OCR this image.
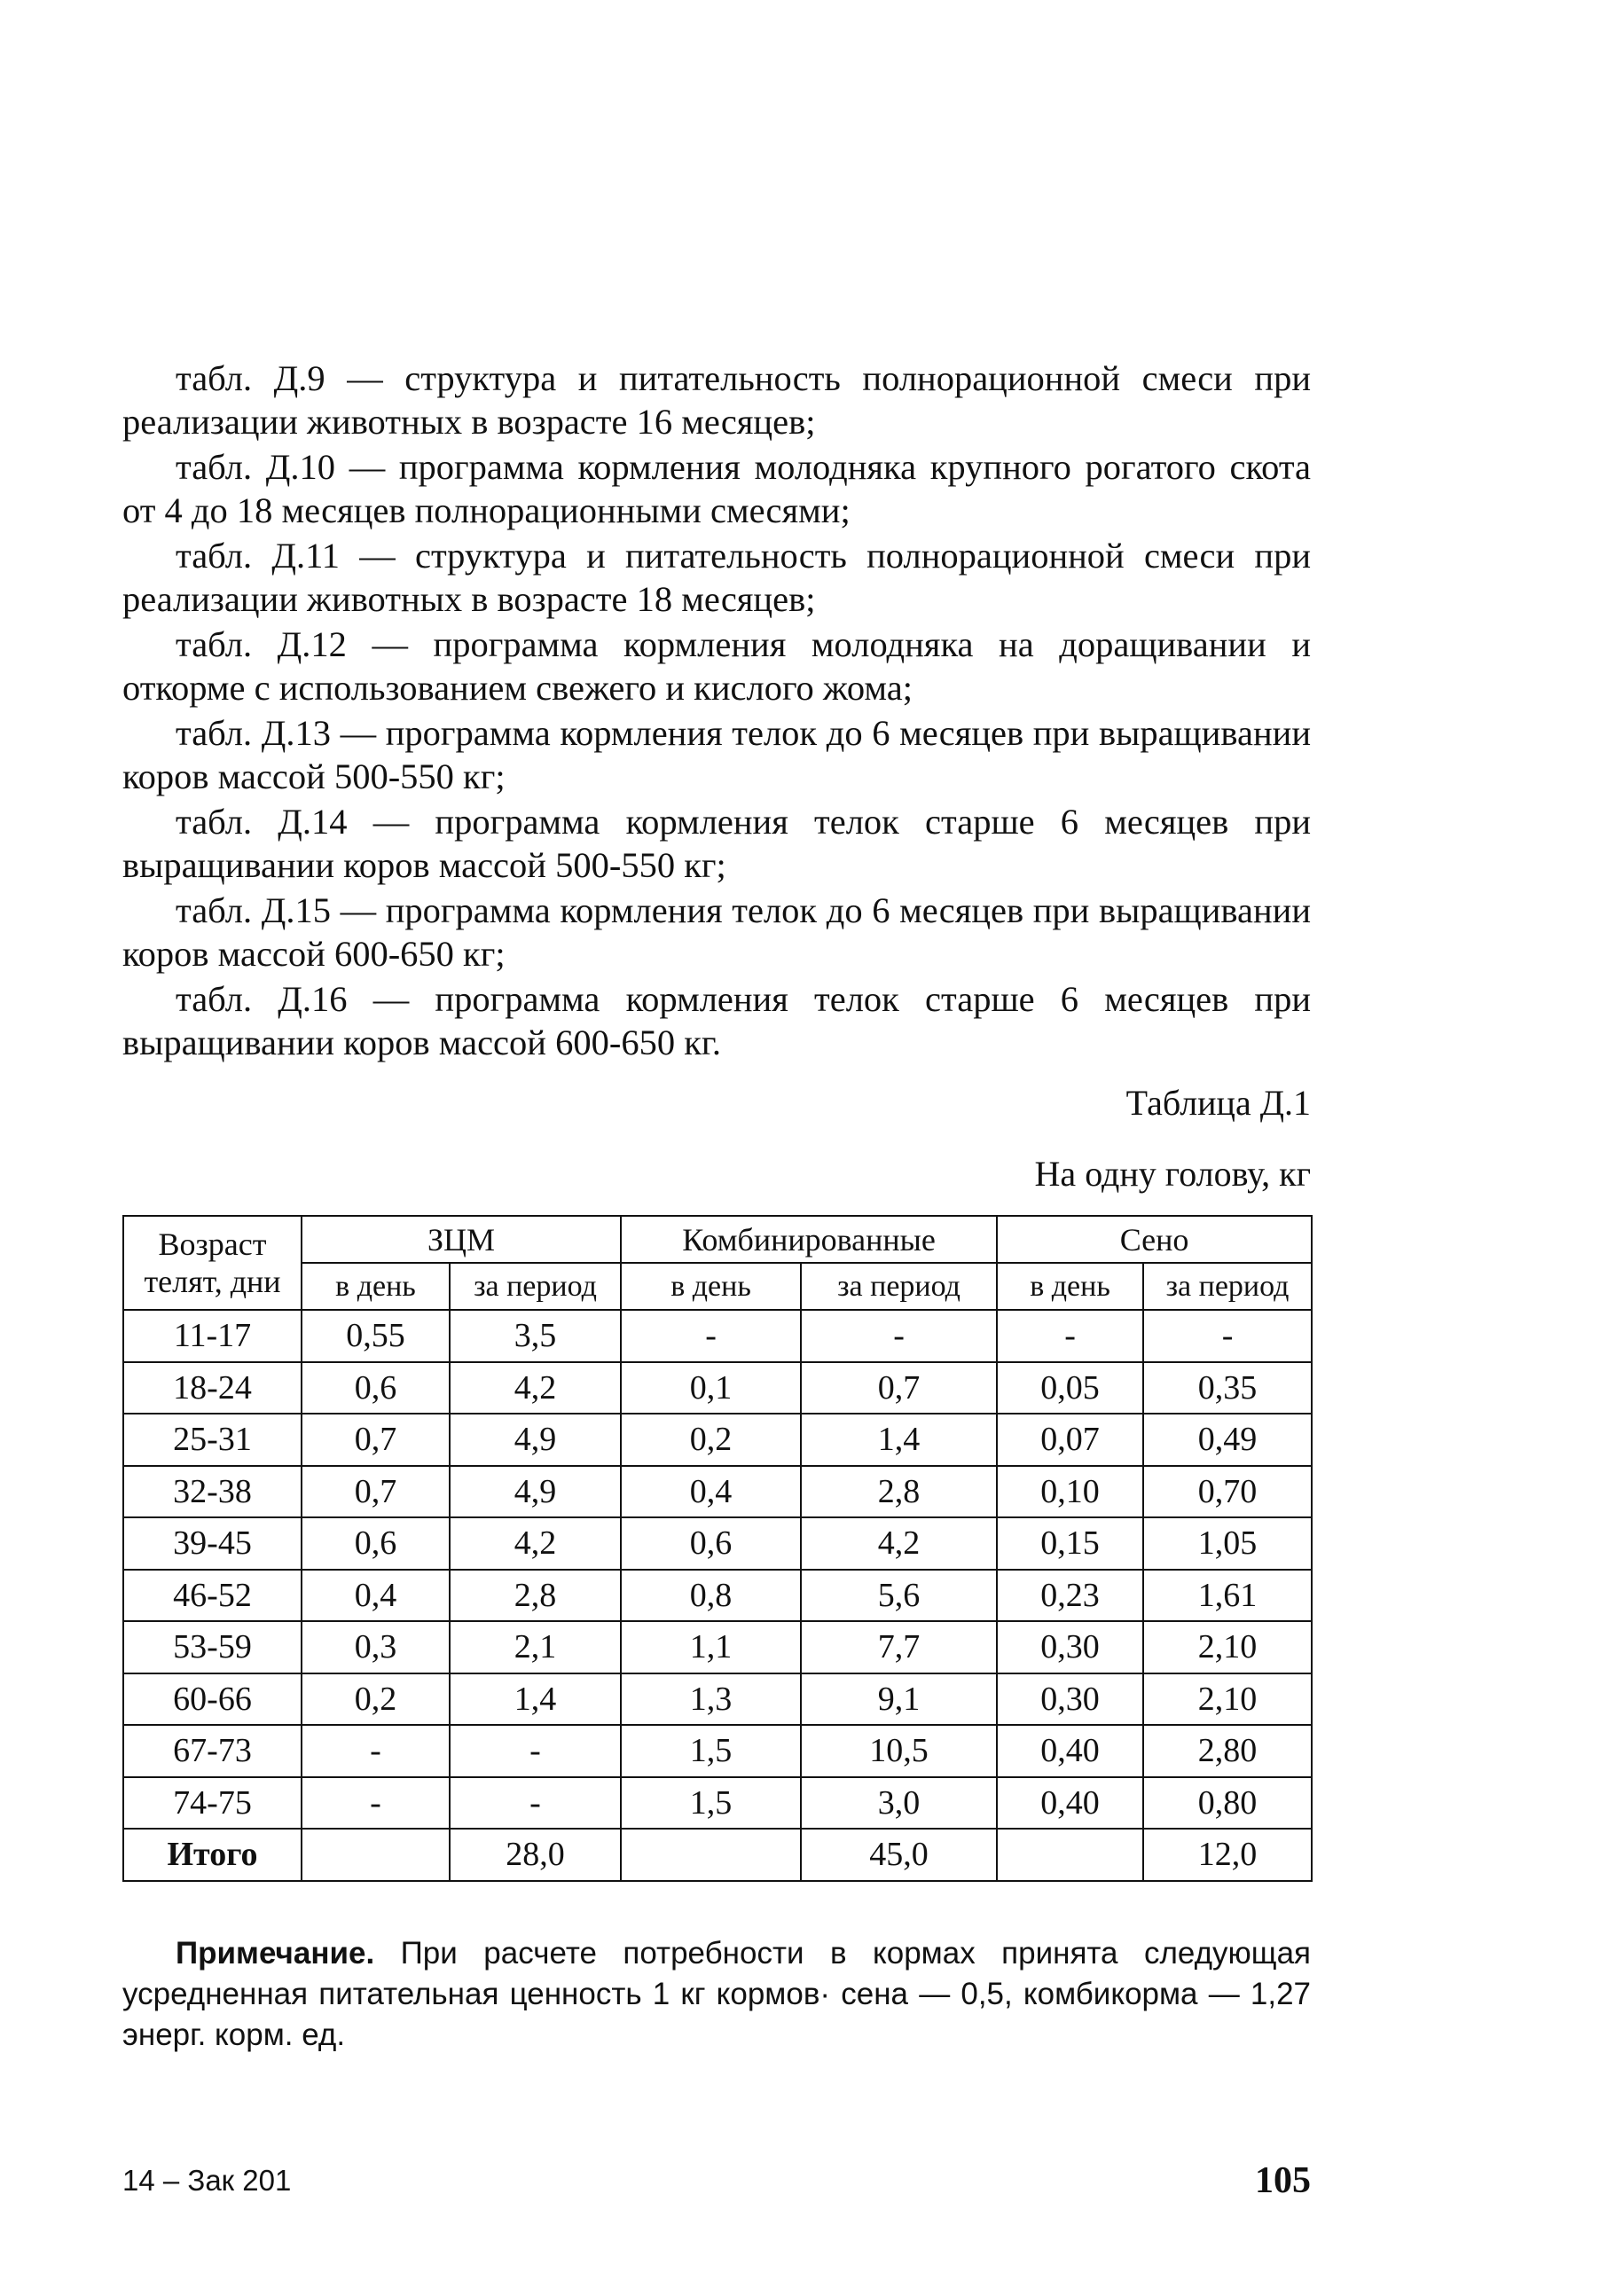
табл. Д.9 — структура и питательность полнорационной смеси при реализации животных в возрасте 16 месяцев;

табл. Д.10 — программа кормления молодняка крупного рогатого скота от 4 до 18 месяцев полнорационными смесями;

табл. Д.11 — структура и питательность полнорационной смеси при реализации животных в возрасте 18 месяцев;

табл. Д.12 — программа кормления молодняка на доращивании и откорме с использованием свежего и кислого жома;

табл. Д.13 — программа кормления телок до 6 месяцев при выращивании коров массой 500-550 кг;

табл. Д.14 — программа кормления телок старше 6 месяцев при выращивании коров массой 500-550 кг;

табл. Д.15 — программа кормления телок до 6 месяцев при выращивании коров массой 600-650 кг;

табл. Д.16 — программа кормления телок старше 6 месяцев при выращивании коров массой 600-650 кг.

Таблица Д.1
На одну голову, кг
Возраст телят, дни	ЗЦМ		Комбинированные		Сено	
	в день	за период	в день	за период	в день	за период
11-17	0,55	3,5	-	-	-	-
18-24	0,6	4,2	0,1	0,7	0,05	0,35
25-31	0,7	4,9	0,2	1,4	0,07	0,49
32-38	0,7	4,9	0,4	2,8	0,10	0,70
39-45	0,6	4,2	0,6	4,2	0,15	1,05
46-52	0,4	2,8	0,8	5,6	0,23	1,61
53-59	0,3	2,1	1,1	7,7	0,30	2,10
60-66	0,2	1,4	1,3	9,1	0,30	2,10
67-73	-	-	1,5	10,5	0,40	2,80
74-75	-	-	1,5	3,0	0,40	0,80
Итого		28,0		45,0		12,0

Примечание. При расчете потребности в кормах принята следующая усредненная питательная ценность 1 кг кормов· сена — 0,5, комбикорма — 1,27 энерг. корм. ед.

14 – Зак 201	105
